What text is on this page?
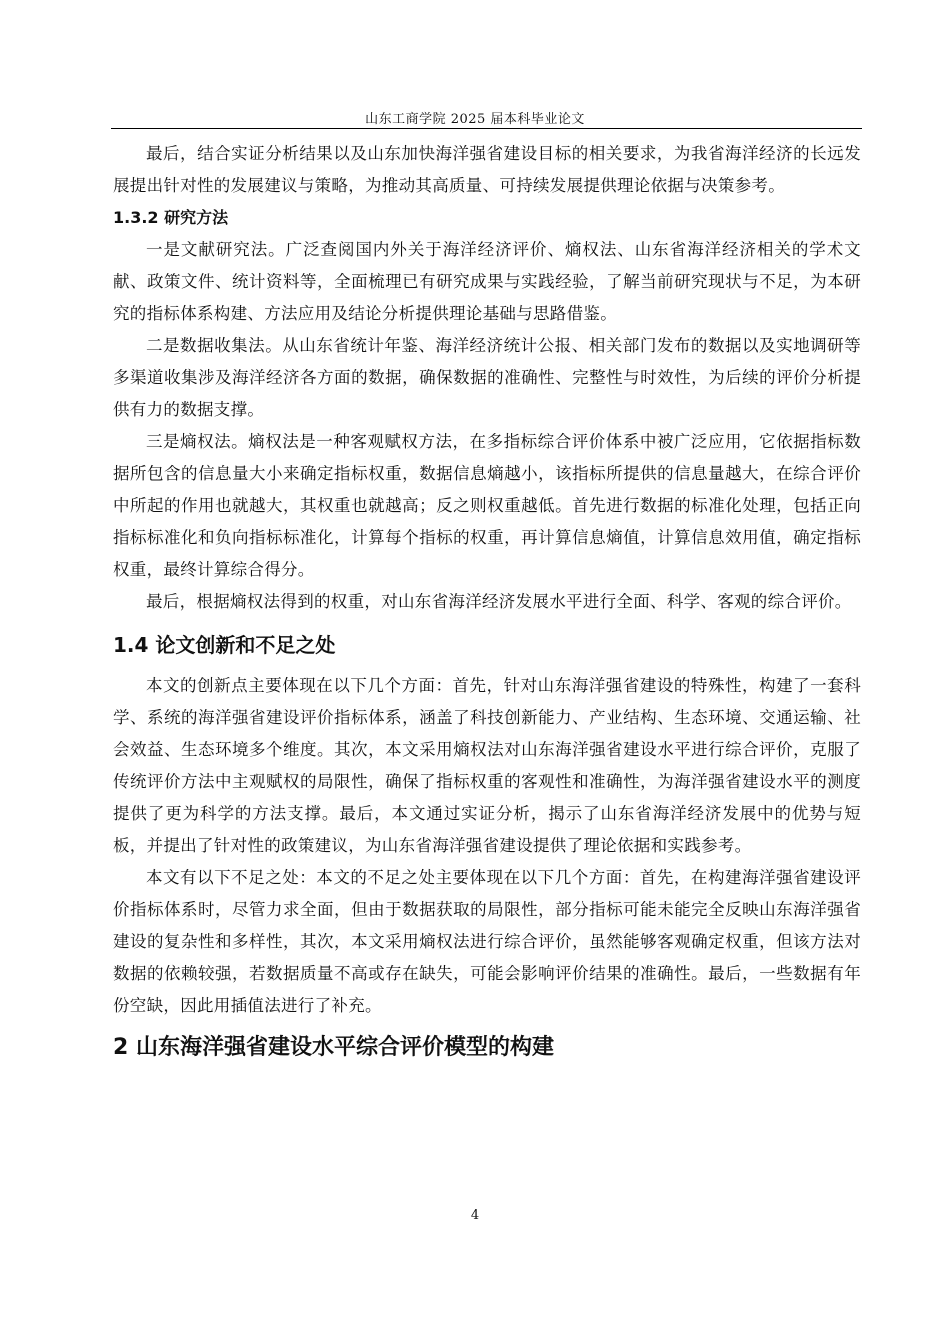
山东工商学院 2025 届本科毕业论文

最后，结合实证分析结果以及山东加快海洋强省建设目标的相关要求，为我省海洋经济的长远发展提出针对性的发展建议与策略，为推动其高质量、可持续发展提供理论依据与决策参考。

1.3.2 研究方法

一是文献研究法。广泛查阅国内外关于海洋经济评价、熵权法、山东省海洋经济相关的学术文献、政策文件、统计资料等，全面梳理已有研究成果与实践经验，了解当前研究现状与不足，为本研究的指标体系构建、方法应用及结论分析提供理论基础与思路借鉴。

二是数据收集法。从山东省统计年鉴、海洋经济统计公报、相关部门发布的数据以及实地调研等多渠道收集涉及海洋经济各方面的数据，确保数据的准确性、完整性与时效性，为后续的评价分析提供有力的数据支撑。

三是熵权法。熵权法是一种客观赋权方法，在多指标综合评价体系中被广泛应用，它依据指标数据所包含的信息量大小来确定指标权重，数据信息熵越小，该指标所提供的信息量越大，在综合评价中所起的作用也就越大，其权重也就越高；反之则权重越低。首先进行数据的标准化处理，包括正向指标标准化和负向指标标准化，计算每个指标的权重，再计算信息熵值，计算信息效用值，确定指标权重，最终计算综合得分。

最后，根据熵权法得到的权重，对山东省海洋经济发展水平进行全面、科学、客观的综合评价。

1.4 论文创新和不足之处

本文的创新点主要体现在以下几个方面：首先，针对山东海洋强省建设的特殊性，构建了一套科学、系统的海洋强省建设评价指标体系，涵盖了科技创新能力、产业结构、生态环境、交通运输、社会效益、生态环境多个维度。其次，本文采用熵权法对山东海洋强省建设水平进行综合评价，克服了传统评价方法中主观赋权的局限性，确保了指标权重的客观性和准确性，为海洋强省建设水平的测度提供了更为科学的方法支撑。最后，本文通过实证分析，揭示了山东省海洋经济发展中的优势与短板，并提出了针对性的政策建议，为山东省海洋强省建设提供了理论依据和实践参考。

本文有以下不足之处：本文的不足之处主要体现在以下几个方面：首先，在构建海洋强省建设评价指标体系时，尽管力求全面，但由于数据获取的局限性，部分指标可能未能完全反映山东海洋强省建设的复杂性和多样性，其次，本文采用熵权法进行综合评价，虽然能够客观确定权重，但该方法对数据的依赖较强，若数据质量不高或存在缺失，可能会影响评价结果的准确性。最后，一些数据有年份空缺，因此用插值法进行了补充。

2 山东海洋强省建设水平综合评价模型的构建
4
